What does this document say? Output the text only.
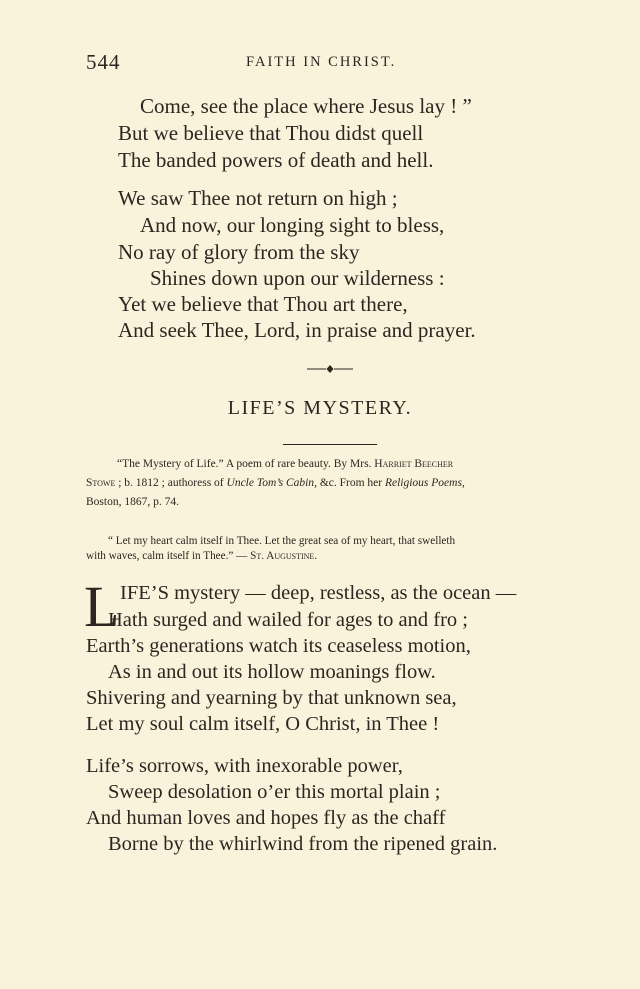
544	FAITH IN CHRIST.
Come, see the place where Jesus lay ! ”
But we believe that Thou didst quell
The banded powers of death and hell.
We saw Thee not return on high ;
And now, our longing sight to bless,
No ray of glory from the sky
Shines down upon our wilderness :
Yet we believe that Thou art there,
And seek Thee, Lord, in praise and prayer.
LIFE’S MYSTERY.
“The Mystery of Life.” A poem of rare beauty. By Mrs. Harriet Beecher
Stowe ; b. 1812 ; authoress of Uncle Tom’s Cabin, &c. From her Religious Poems,
Boston, 1867, p. 74.
“ Let my heart calm itself in Thee. Let the great sea of my heart, that swelleth
with waves, calm itself in Thee.” — St. Augustine.
L IFE’S mystery — deep, restless, as the ocean —
Hath surged and wailed for ages to and fro ;
Earth’s generations watch its ceaseless motion,
As in and out its hollow moanings flow.
Shivering and yearning by that unknown sea,
Let my soul calm itself, O Christ, in Thee !
Life’s sorrows, with inexorable power,
Sweep desolation o’er this mortal plain ;
And human loves and hopes fly as the chaff
Borne by the whirlwind from the ripened grain.
